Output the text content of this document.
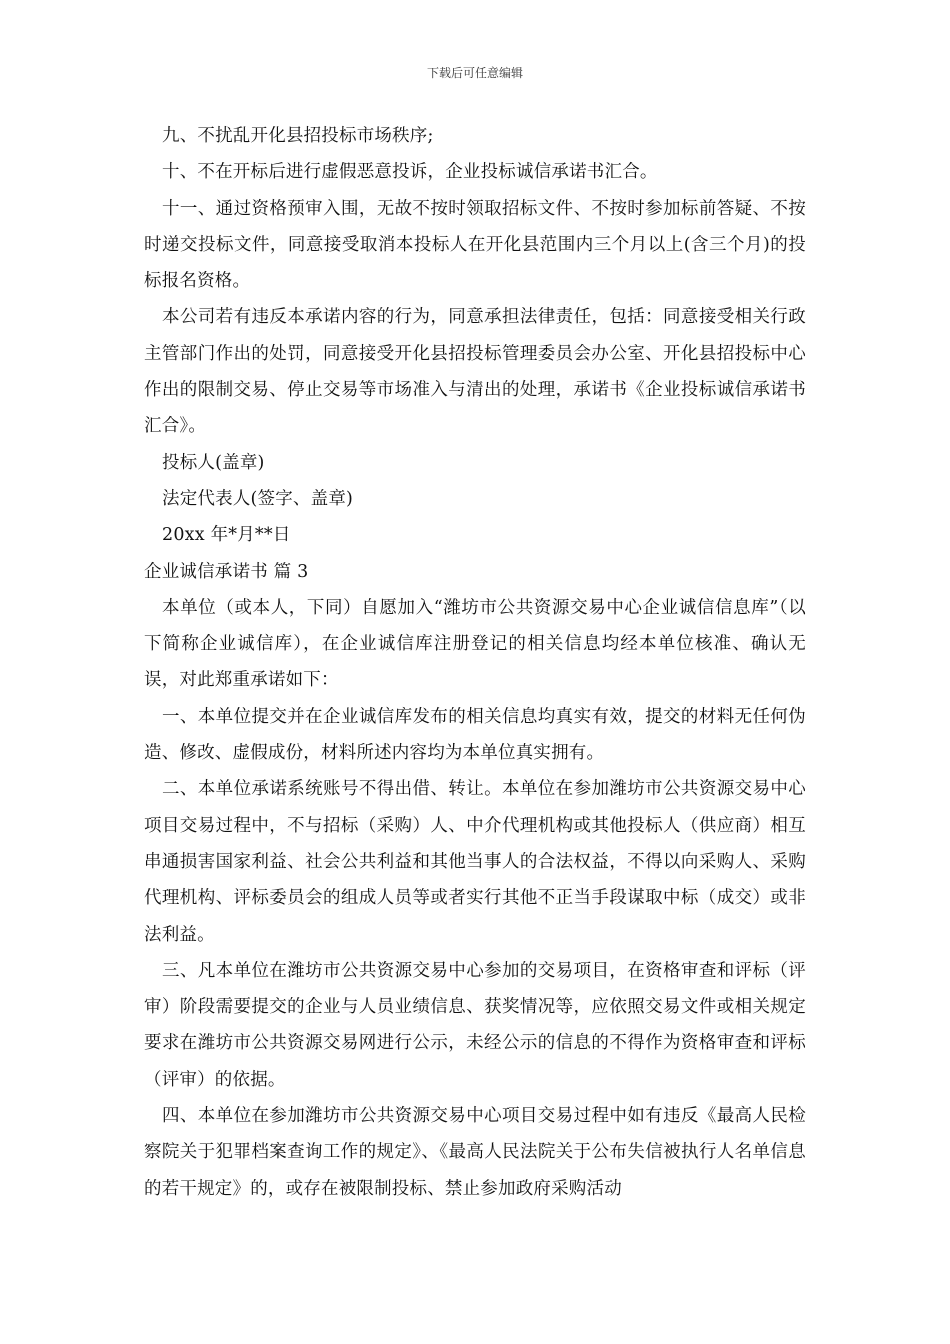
下载后可任意编辑

九、不扰乱开化县招投标市场秩序;

十、不在开标后进行虚假恶意投诉，企业投标诚信承诺书汇合。

十一、通过资格预审入围，无故不按时领取招标文件、不按时参加标前答疑、不按时递交投标文件，同意接受取消本投标人在开化县范围内三个月以上(含三个月)的投标报名资格。

本公司若有违反本承诺内容的行为，同意承担法律责任，包括：同意接受相关行政主管部门作出的处罚，同意接受开化县招投标管理委员会办公室、开化县招投标中心作出的限制交易、停止交易等市场准入与清出的处理，承诺书《企业投标诚信承诺书汇合》。

投标人(盖章)

法定代表人(签字、盖章)

20xx 年*月**日

企业诚信承诺书 篇 3

本单位（或本人，下同）自愿加入“潍坊市公共资源交易中心企业诚信信息库”（以下简称企业诚信库），在企业诚信库注册登记的相关信息均经本单位核准、确认无误，对此郑重承诺如下：

一、本单位提交并在企业诚信库发布的相关信息均真实有效，提交的材料无任何伪造、修改、虚假成份，材料所述内容均为本单位真实拥有。

二、本单位承诺系统账号不得出借、转让。本单位在参加潍坊市公共资源交易中心项目交易过程中，不与招标（采购）人、中介代理机构或其他投标人（供应商）相互串通损害国家利益、社会公共利益和其他当事人的合法权益，不得以向采购人、采购代理机构、评标委员会的组成人员等或者实行其他不正当手段谋取中标（成交）或非法利益。

三、凡本单位在潍坊市公共资源交易中心参加的交易项目，在资格审查和评标（评审）阶段需要提交的企业与人员业绩信息、获奖情况等，应依照交易文件或相关规定要求在潍坊市公共资源交易网进行公示，未经公示的信息的不得作为资格审查和评标（评审）的依据。

四、本单位在参加潍坊市公共资源交易中心项目交易过程中如有违反《最高人民检察院关于犯罪档案查询工作的规定》、《最高人民法院关于公布失信被执行人名单信息的若干规定》的，或存在被限制投标、禁止参加政府采购活动
